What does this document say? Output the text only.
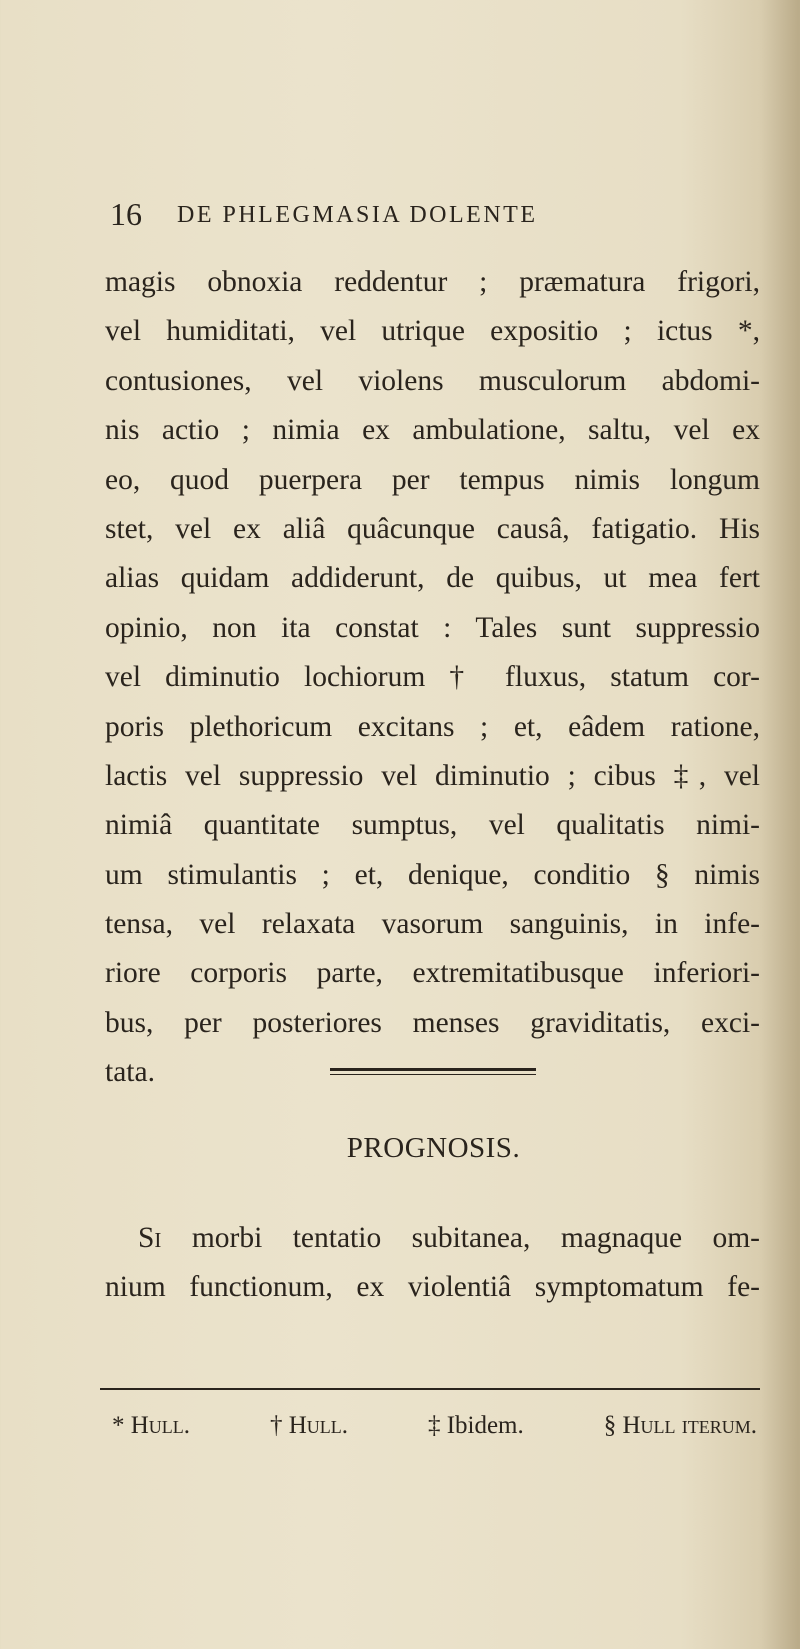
16 DE PHLEGMASIA DOLENTE
magis obnoxia reddentur ; præmatura frigori,
vel humiditati, vel utrique expositio ; ictus *,
contusiones, vel violens musculorum abdomi-
nis actio ; nimia ex ambulatione, saltu, vel ex
eo, quod puerpera per tempus nimis longum
stet, vel ex aliâ quâcunque causâ, fatigatio. His
alias quidam addiderunt, de quibus, ut mea fert
opinio, non ita constat : Tales sunt suppressio
vel diminutio lochiorum † fluxus, statum cor-
poris plethoricum excitans ; et, eâdem ratione,
lactis vel suppressio vel diminutio ; cibus ‡, vel
nimiâ quantitate sumptus, vel qualitatis nimi-
um stimulantis ; et, denique, conditio § nimis
tensa, vel relaxata vasorum sanguinis, in infe-
riore corporis parte, extremitatibusque inferiori-
bus, per posteriores menses graviditatis, exci-
tata.
PROGNOSIS.
Si morbi tentatio subitanea, magnaque om-
nium functionum, ex violentiâ symptomatum fe-
* Hull.	† Hull.	‡ Ibidem.	§ Hull iterum.
